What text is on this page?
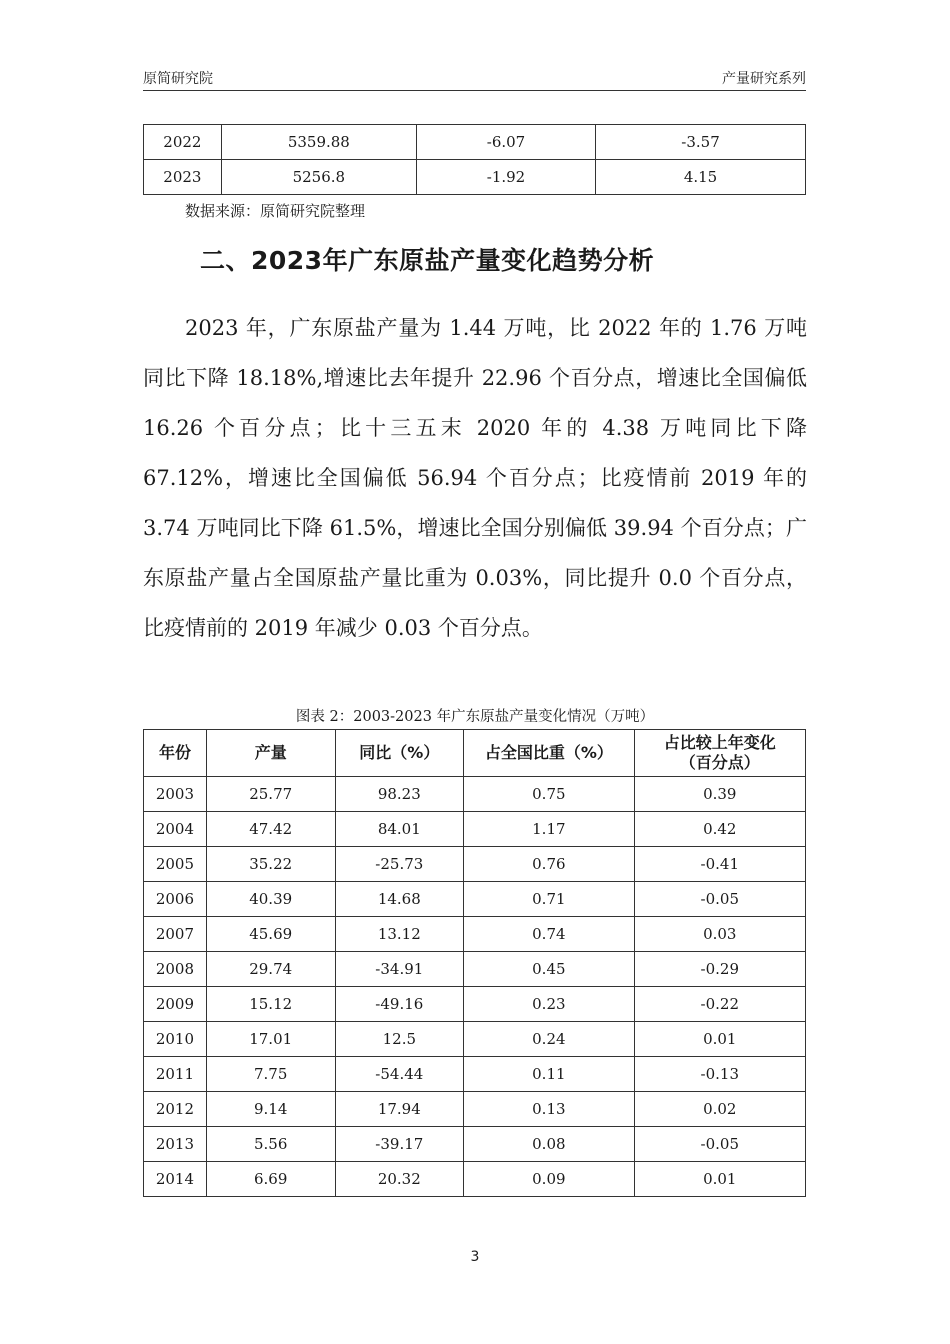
原简研究院	产量研究系列
2022	5359.88	-6.07	-3.57
2023	5256.8	-1.92	4.15
数据来源：原简研究院整理
二、2023年广东原盐产量变化趋势分析

2023 年，广东原盐产量为 1.44 万吨，比 2022 年的 1.76 万吨同比下降 18.18%,增速比去年提升 22.96 个百分点，增速比全国偏低 16.26 个百分点；比十三五末 2020 年的 4.38 万吨同比下降 67.12%，增速比全国偏低 56.94 个百分点；比疫情前 2019 年的 3.74 万吨同比下降 61.5%，增速比全国分别偏低 39.94 个百分点；广东原盐产量占全国原盐产量比重为 0.03%，同比提升 0.0 个百分点，比疫情前的 2019 年减少 0.03 个百分点。

图表 2：2003-2023 年广东原盐产量变化情况（万吨）
年份	产量	同比（%）	占全国比重（%）	占比较上年变化
（百分点）
2003	25.77	98.23	0.75	0.39
2004	47.42	84.01	1.17	0.42
2005	35.22	-25.73	0.76	-0.41
2006	40.39	14.68	0.71	-0.05
2007	45.69	13.12	0.74	0.03
2008	29.74	-34.91	0.45	-0.29
2009	15.12	-49.16	0.23	-0.22
2010	17.01	12.5	0.24	0.01
2011	7.75	-54.44	0.11	-0.13
2012	9.14	17.94	0.13	0.02
2013	5.56	-39.17	0.08	-0.05
2014	6.69	20.32	0.09	0.01
3
